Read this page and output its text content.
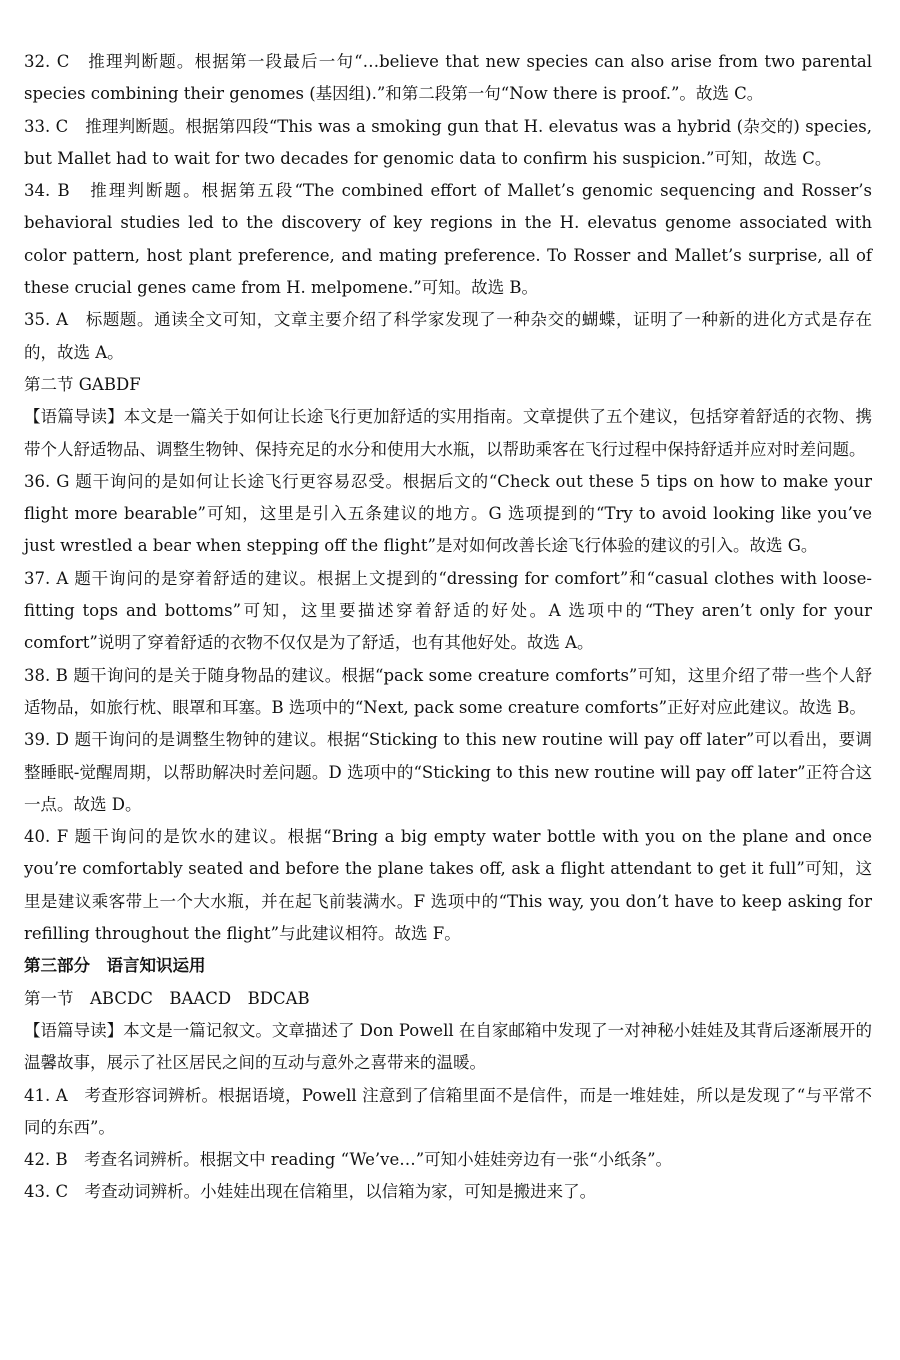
32. C　推理判断题。根据第一段最后一句“…believe that new species can also arise from two parental species combining their genomes (基因组).”和第二段第一句“Now there is proof.”。故选 C。

33. C　推理判断题。根据第四段“This was a smoking gun that H. elevatus was a hybrid (杂交的) species, but Mallet had to wait for two decades for genomic data to confirm his suspicion.”可知，故选 C。

34. B　推理判断题。根据第五段“The combined effort of Mallet’s genomic sequencing and Rosser’s behavioral studies led to the discovery of key regions in the H. elevatus genome associated with color pattern, host plant preference, and mating preference. To Rosser and Mallet’s surprise, all of these crucial genes came from H. melpomene.”可知。故选 B。

35. A　标题题。通读全文可知，文章主要介绍了科学家发现了一种杂交的蝴蝶，证明了一种新的进化方式是存在的，故选 A。

第二节 GABDF

【语篇导读】本文是一篇关于如何让长途飞行更加舒适的实用指南。文章提供了五个建议，包括穿着舒适的衣物、携带个人舒适物品、调整生物钟、保持充足的水分和使用大水瓶，以帮助乘客在飞行过程中保持舒适并应对时差问题。

36. G 题干询问的是如何让长途飞行更容易忍受。根据后文的“Check out these 5 tips on how to make your flight more bearable”可知，这里是引入五条建议的地方。G 选项提到的“Try to avoid looking like you’ve just wrestled a bear when stepping off the flight”是对如何改善长途飞行体验的建议的引入。故选 G。

37. A 题干询问的是穿着舒适的建议。根据上文提到的“dressing for comfort”和“casual clothes with loose-fitting tops and bottoms”可知，这里要描述穿着舒适的好处。A 选项中的“They aren’t only for your comfort”说明了穿着舒适的衣物不仅仅是为了舒适，也有其他好处。故选 A。

38. B 题干询问的是关于随身物品的建议。根据“pack some creature comforts”可知，这里介绍了带一些个人舒适物品，如旅行枕、眼罩和耳塞。B 选项中的“Next, pack some creature comforts”正好对应此建议。故选 B。

39. D 题干询问的是调整生物钟的建议。根据“Sticking to this new routine will pay off later”可以看出，要调整睡眠-觉醒周期，以帮助解决时差问题。D 选项中的“Sticking to this new routine will pay off later”正符合这一点。故选 D。

40. F 题干询问的是饮水的建议。根据“Bring a big empty water bottle with you on the plane and once you’re comfortably seated and before the plane takes off, ask a flight attendant to get it full”可知，这里是建议乘客带上一个大水瓶，并在起飞前装满水。F 选项中的“This way, you don’t have to keep asking for refilling throughout the flight”与此建议相符。故选 F。

第三部分　语言知识运用

第一节　ABCDC　BAACD　BDCAB

【语篇导读】本文是一篇记叙文。文章描述了 Don Powell 在自家邮箱中发现了一对神秘小娃娃及其背后逐渐展开的温馨故事，展示了社区居民之间的互动与意外之喜带来的温暖。

41. A　考查形容词辨析。根据语境，Powell 注意到了信箱里面不是信件，而是一堆娃娃，所以是发现了“与平常不同的东西”。

42. B　考查名词辨析。根据文中 reading “We’ve…”可知小娃娃旁边有一张“小纸条”。

43. C　考查动词辨析。小娃娃出现在信箱里，以信箱为家，可知是搬进来了。
